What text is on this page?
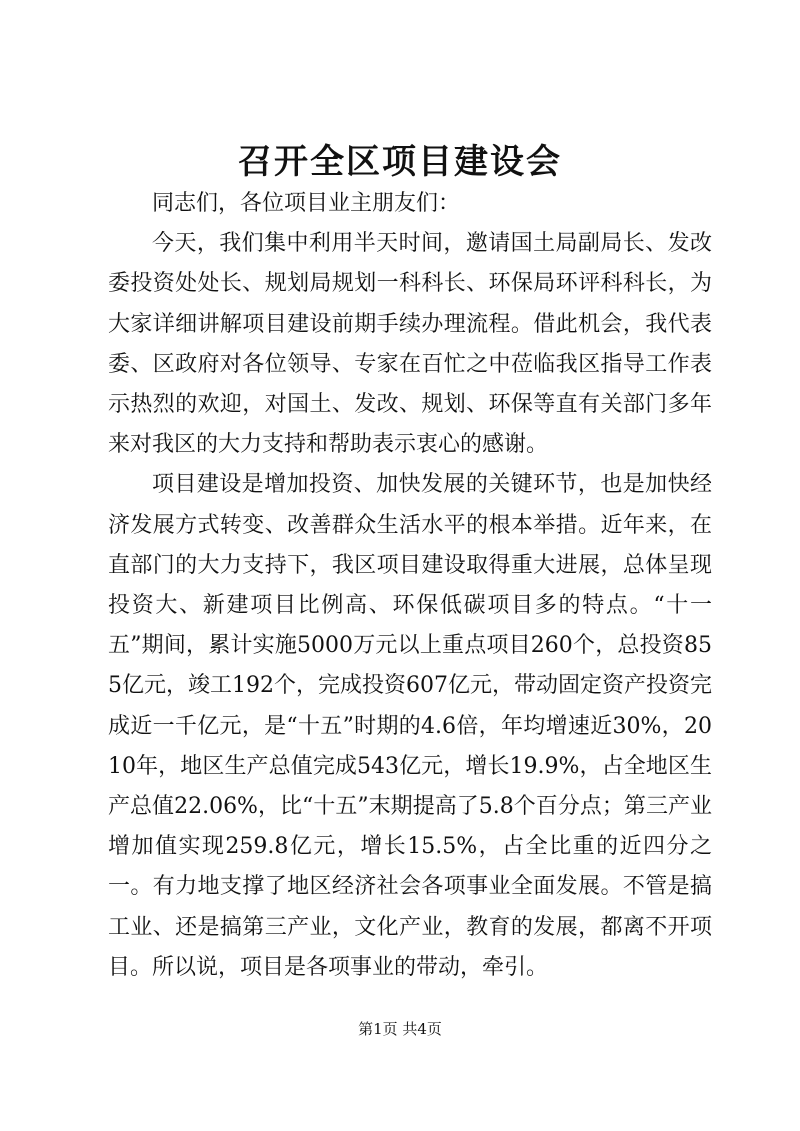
召开全区项目建设会

同志们，各位项目业主朋友们：

今天，我们集中利用半天时间，邀请国土局副局长、发改委投资处处长、规划局规划一科科长、环保局环评科科长，为大家详细讲解项目建设前期手续办理流程。借此机会，我代表委、区政府对各位领导、专家在百忙之中莅临我区指导工作表示热烈的欢迎，对国土、发改、规划、环保等直有关部门多年来对我区的大力支持和帮助表示衷心的感谢。

项目建设是增加投资、加快发展的关键环节，也是加快经济发展方式转变、改善群众生活水平的根本举措。近年来，在直部门的大力支持下，我区项目建设取得重大进展，总体呈现投资大、新建项目比例高、环保低碳项目多的特点。“十一五”期间，累计实施5000万元以上重点项目260个，总投资855亿元，竣工192个，完成投资607亿元，带动固定资产投资完成近一千亿元，是“十五”时期的4.6倍，年均增速近30%，2010年，地区生产总值完成543亿元，增长19.9%，占全地区生产总值22.06%，比“十五”末期提高了5.8个百分点；第三产业增加值实现259.8亿元，增长15.5%，占全比重的近四分之一。有力地支撑了地区经济社会各项事业全面发展。不管是搞工业、还是搞第三产业，文化产业，教育的发展，都离不开项目。所以说，项目是各项事业的带动，牵引。

第1页 共4页
